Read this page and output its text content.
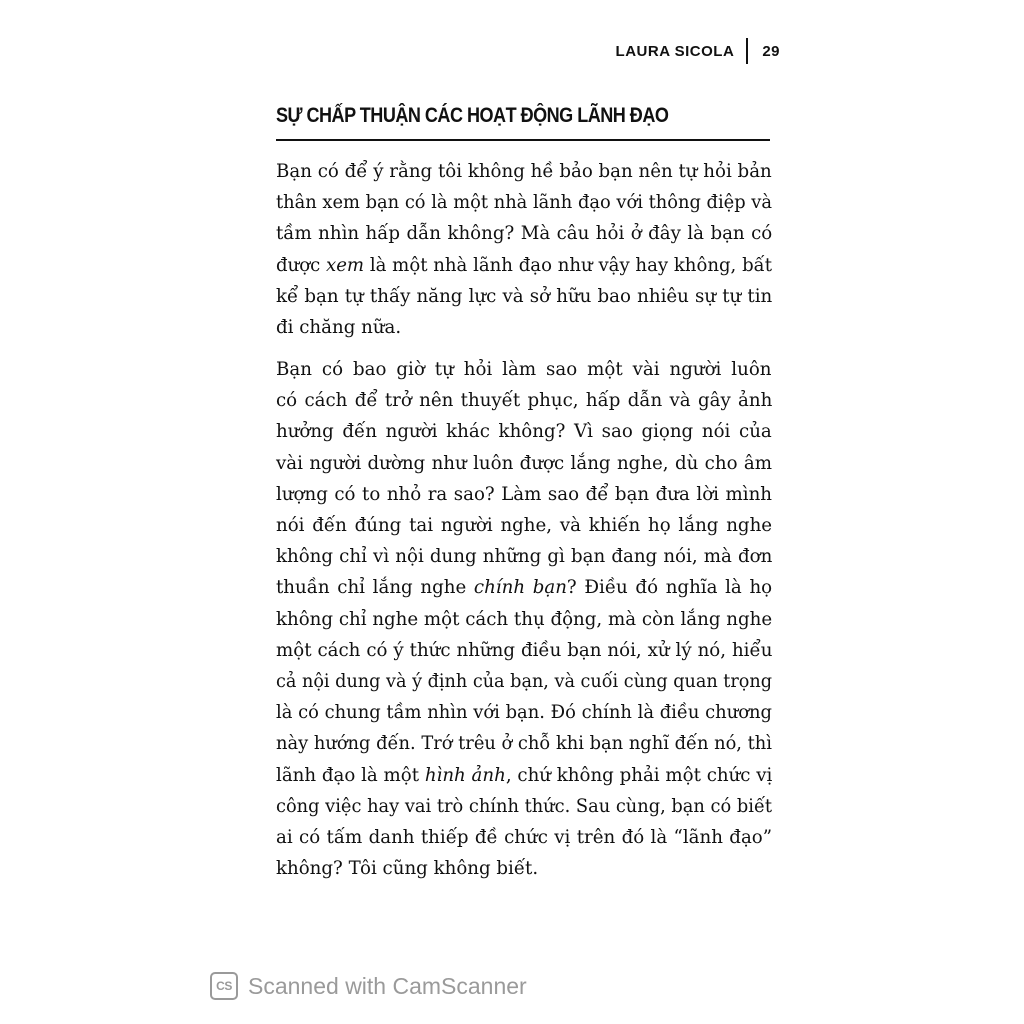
LAURA SICOLA 29
SỰ CHẤP THUẬN CÁC HOẠT ĐỘNG LÃNH ĐẠO
Bạn có để ý rằng tôi không hề bảo bạn nên tự hỏi bản
thân xem bạn có là một nhà lãnh đạo với thông điệp và
tầm nhìn hấp dẫn không? Mà câu hỏi ở đây là bạn có
được xem là một nhà lãnh đạo như vậy hay không, bất
kể bạn tự thấy năng lực và sở hữu bao nhiêu sự tự tin
đi chăng nữa.
Bạn có bao giờ tự hỏi làm sao một vài người luôn
có cách để trở nên thuyết phục, hấp dẫn và gây ảnh
hưởng đến người khác không? Vì sao giọng nói của
vài người dường như luôn được lắng nghe, dù cho âm
lượng có to nhỏ ra sao? Làm sao để bạn đưa lời mình
nói đến đúng tai người nghe, và khiến họ lắng nghe
không chỉ vì nội dung những gì bạn đang nói, mà đơn
thuần chỉ lắng nghe chính bạn? Điều đó nghĩa là họ
không chỉ nghe một cách thụ động, mà còn lắng nghe
một cách có ý thức những điều bạn nói, xử lý nó, hiểu
cả nội dung và ý định của bạn, và cuối cùng quan trọng
là có chung tầm nhìn với bạn. Đó chính là điều chương
này hướng đến. Trớ trêu ở chỗ khi bạn nghĩ đến nó, thì
lãnh đạo là một hình ảnh, chứ không phải một chức vị
công việc hay vai trò chính thức. Sau cùng, bạn có biết
ai có tấm danh thiếp đề chức vị trên đó là “lãnh đạo”
không? Tôi cũng không biết.
CS Scanned with CamScanner
